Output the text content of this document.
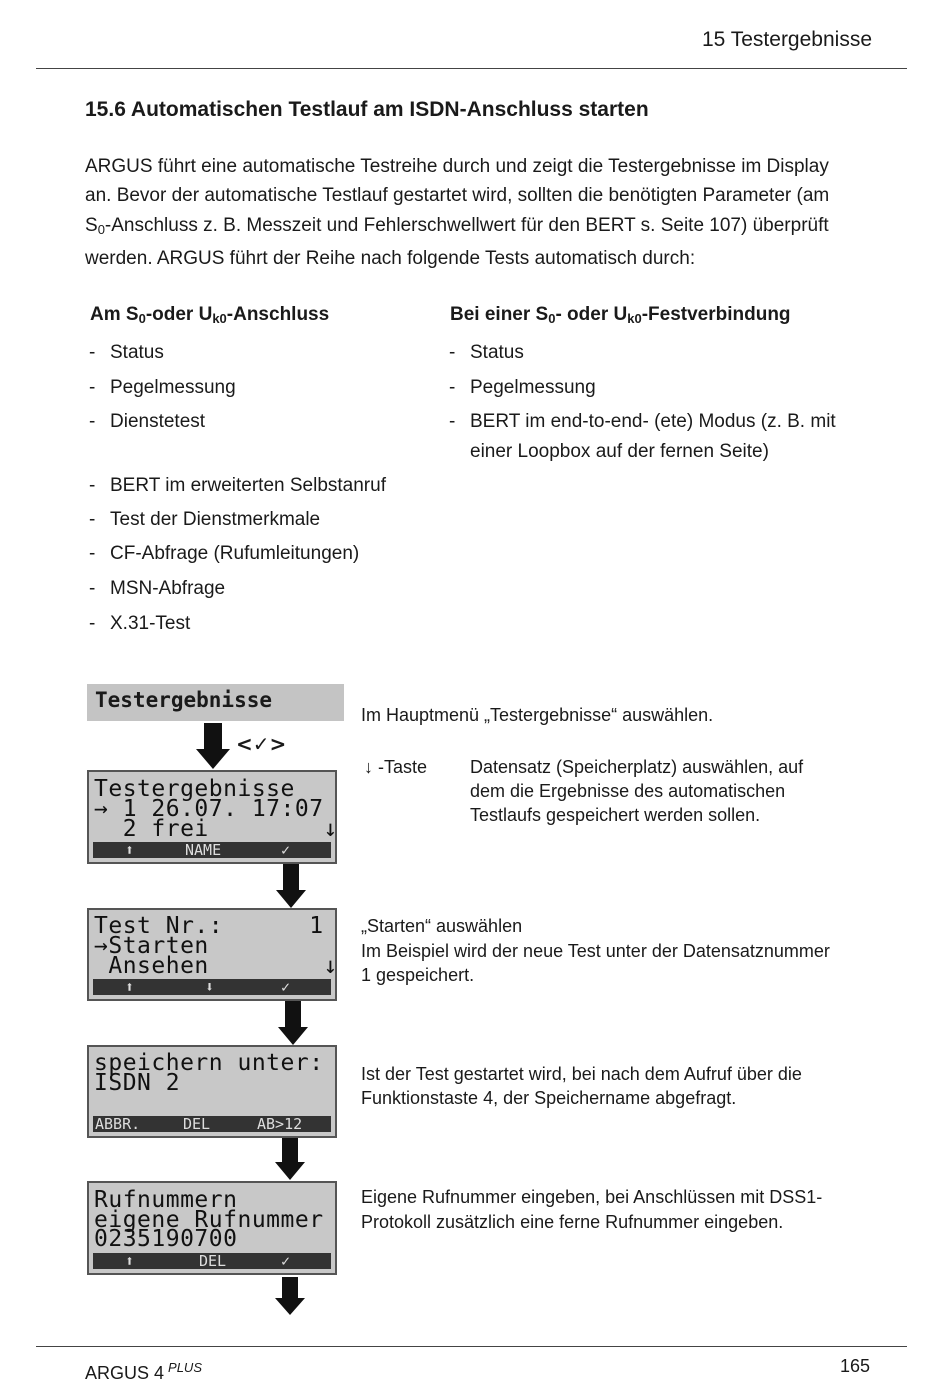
15 Testergebnisse
15.6 Automatischen Testlauf am ISDN-Anschluss starten
ARGUS führt eine automatische Testreihe durch und zeigt die Testergebnisse im Display
an. Bevor der automatische Testlauf gestartet wird, sollten die benötigten Parameter (am
$S_0$-Anschluss z. B. Messzeit und Fehlerschwellwert für den BERT s. Seite 107) überprüft
werden. ARGUS führt der Reihe nach folgende Tests automatisch durch:
Am $S_0$-oder $U_{k0}$-Anschluss	Bei einer $S_0-$ oder $U_{k0}$-Festverbindung
- Status
- Pegelmessung
- Dienstetest
- BERT im erweiterten Selbstanruf
- Test der Dienstmerkmale
- CF-Abfrage (Rufumleitungen)
- MSN-Abfrage
- X.31-Test
- Status
- Pegelmessung
- BERT im end-to-end- (ete) Modus (z. B. mit
einer Loopbox auf der fernen Seite)
Testergebnisse
<✓>
Testergebnisse
→ 1 26.07. 17:07
2 frei        ↓
⬆	NAME	✓
Test Nr.:      1
→Starten
Ansehen        ↓
⬆	⬇	✓
speichern unter:
ISDN 2
ABBR.	DEL	AB>12
Rufnummern
eigene Rufnummer
0235190700
⬆	DEL	✓
Im Hauptmenü „Testergebnisse“ auswählen.
↓ -Taste Datensatz (Speicherplatz) auswählen, auf
dem die Ergebnisse des automatischen
Testlaufs gespeichert werden sollen.
„Starten“ auswählen
Im Beispiel wird der neue Test unter der Datensatznummer
1 gespeichert.
Ist der Test gestartet wird, bei nach dem Aufruf über die
Funktionstaste 4, der Speichername abgefragt.
Eigene Rufnummer eingeben, bei Anschlüssen mit DSS1-
Protokoll zusätzlich eine ferne Rufnummer eingeben.
ARGUS 4 $^{PLUS}$	165
